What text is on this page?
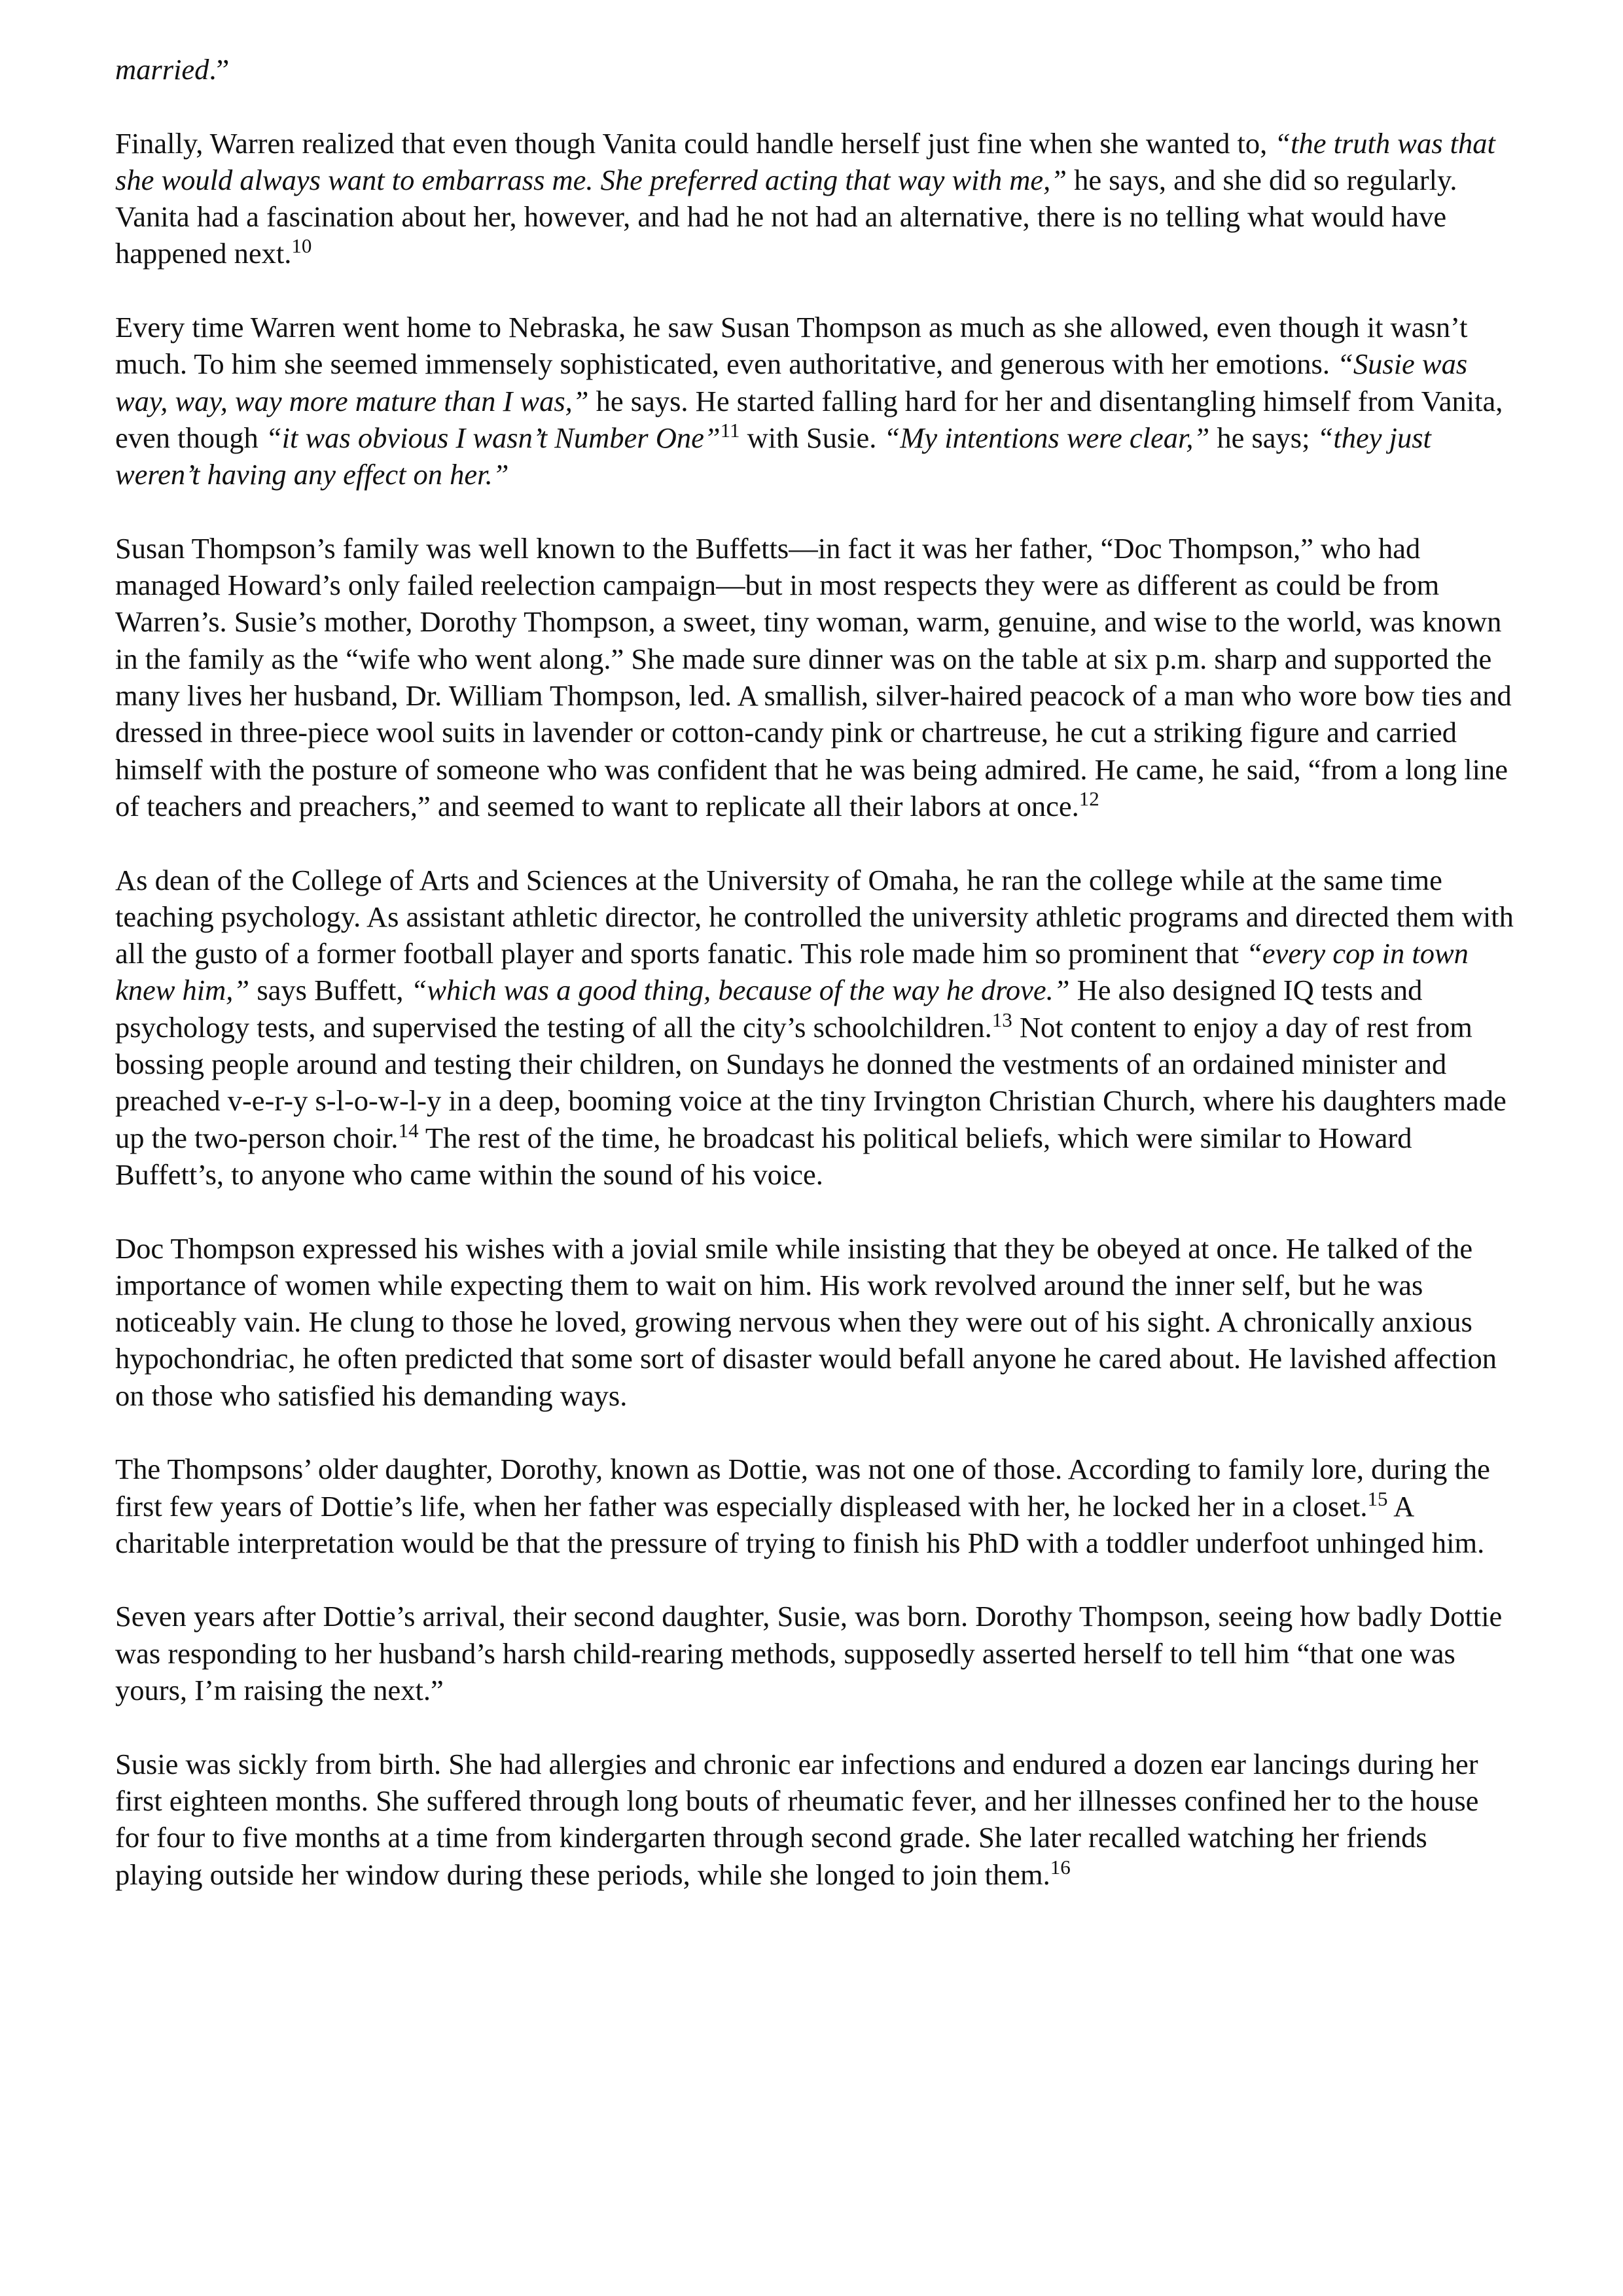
married.”

Finally, Warren realized that even though Vanita could handle herself just fine when she wanted to, “the truth was that she would always want to embarrass me. She preferred acting that way with me,” he says, and she did so regularly. Vanita had a fascination about her, however, and had he not had an alternative, there is no telling what would have happened next.$^{10}$

Every time Warren went home to Nebraska, he saw Susan Thompson as much as she allowed, even though it wasn’t much. To him she seemed immensely sophisticated, even authoritative, and generous with her emotions. “Susie was way, way, way more mature than I was,” he says. He started falling hard for her and disentangling himself from Vanita, even though “it was obvious I wasn’t Number One”$^{11}$ with Susie. “My intentions were clear,” he says; “they just weren’t having any effect on her.”

Susan Thompson’s family was well known to the Buffetts—in fact it was her father, “Doc Thompson,” who had managed Howard’s only failed reelection campaign—but in most respects they were as different as could be from Warren’s. Susie’s mother, Dorothy Thompson, a sweet, tiny woman, warm, genuine, and wise to the world, was known in the family as the “wife who went along.” She made sure dinner was on the table at six p.m. sharp and supported the many lives her husband, Dr. William Thompson, led. A smallish, silver-haired peacock of a man who wore bow ties and dressed in three-piece wool suits in lavender or cotton-candy pink or chartreuse, he cut a striking figure and carried himself with the posture of someone who was confident that he was being admired. He came, he said, “from a long line of teachers and preachers,” and seemed to want to replicate all their labors at once.$^{12}$

As dean of the College of Arts and Sciences at the University of Omaha, he ran the college while at the same time teaching psychology. As assistant athletic director, he controlled the university athletic programs and directed them with all the gusto of a former football player and sports fanatic. This role made him so prominent that “every cop in town knew him,” says Buffett, “which was a good thing, because of the way he drove.” He also designed IQ tests and psychology tests, and supervised the testing of all the city’s schoolchildren.$^{13}$ Not content to enjoy a day of rest from bossing people around and testing their children, on Sundays he donned the vestments of an ordained minister and preached v-e-r-y s-l-o-w-l-y in a deep, booming voice at the tiny Irvington Christian Church, where his daughters made up the two-person choir.$^{14}$ The rest of the time, he broadcast his political beliefs, which were similar to Howard Buffett’s, to anyone who came within the sound of his voice.

Doc Thompson expressed his wishes with a jovial smile while insisting that they be obeyed at once. He talked of the importance of women while expecting them to wait on him. His work revolved around the inner self, but he was noticeably vain. He clung to those he loved, growing nervous when they were out of his sight. A chronically anxious hypochondriac, he often predicted that some sort of disaster would befall anyone he cared about. He lavished affection on those who satisfied his demanding ways.

The Thompsons’ older daughter, Dorothy, known as Dottie, was not one of those. According to family lore, during the first few years of Dottie’s life, when her father was especially displeased with her, he locked her in a closet.$^{15}$ A charitable interpretation would be that the pressure of trying to finish his PhD with a toddler underfoot unhinged him.

Seven years after Dottie’s arrival, their second daughter, Susie, was born. Dorothy Thompson, seeing how badly Dottie was responding to her husband’s harsh child-rearing methods, supposedly asserted herself to tell him “that one was yours, I’m raising the next.”

Susie was sickly from birth. She had allergies and chronic ear infections and endured a dozen ear lancings during her first eighteen months. She suffered through long bouts of rheumatic fever, and her illnesses confined her to the house for four to five months at a time from kindergarten through second grade. She later recalled watching her friends playing outside her window during these periods, while she longed to join them.$^{16}$
